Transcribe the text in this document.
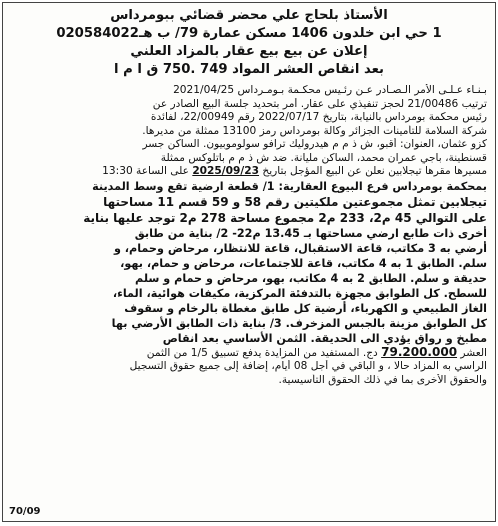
الأستاذ بلحاج علي محضر قضائي ببومرداس
1 حي ابن خلدون 1406 مسكن عمارة 79/ ب هـ020584022
إعلان عن بيع بيع عقار بالمزاد العلني
بعد انقاص العشر المواد 749 .750 ق ا م ا
بـنـاء عـلـى الأمر الـصـادر عـن رئـيس محكـمة بـومـرداس 2021/04/25
ترتيب 21/00486 لحجز تنفيذي على عقار. أمر بتحديد جلسة البيع الصادر عن
رئيس محكمة بومرداس بالنيابة، بتاريخ 2022/07/17 رقم 22/00949، لفائدة
شركة السلامة للتأمينات الجزائر وكالة بومرداس رمز 13100 ممثلة من مديرها.
كزو عثمان، العنوان: أقبو، ش ذ م م هيدروليك ترافو سولوموبيون. الساكن جسر
قسنطينة، باجي عمران محمد، الساكن مليانة. ضد ش ذ م م باتلوكس ممثلة
مسيرها مقرها تيجلابين نعلن عن البيع المؤجل بتاريخ 2025/09/23 على الساعة 13:30
بمحكمة بومرداس فرع البيوع العقارية: 1/ قطعة ارضية تقع وسط المدينة
تيجلابين تمثل مجموعتين ملكيتين رقم 58 و 59 قسم 11 مساحتها
على التوالي 45 م2، 233 م2 مجموع مساحة 278 م2 توجد عليها بناية
أخرى ذات طابع ارضي مساحتها بـ 13.45 م22- 2/ بناية من طابق
أرضي به 3 مكاتب، قاعة الاستقبال، قاعة للانتظار، مرحاض وحمام، و
سلم. الطابق 1 به 4 مكاتب، قاعة للاجتماعات، مرحاض و حمام، بهو،
حديقة و سلم. الطابق 2 به 4 مكاتب، بهو، مرحاض و حمام و سلم
للسطح. كل الطوابق مجهزة بالتدفئة المركزية، مكيفات هوائية، الماء،
الغاز الطبيعي و الكهرباء، أرضية كل طابق مغطاة بالرخام و سقوف
كل الطوابق مزينة بالجبس المزخرف. 3/ بناية ذات الطابق الأرضي بها
مطبخ و رواق يؤدي الى الحديقة. الثمن الأساسي بعد انقاص
العشر 79.200.000 دج. المستفيد من المزايدة يدفع تسبيق 1/5 من الثمن
الراسي به المزاد حالا ، و الباقي في أجل 08 أيام، إضافة إلى جميع حقوق التسجيل
والحقوق الأخرى بما في ذلك الحقوق التأسيسية.
70/09
